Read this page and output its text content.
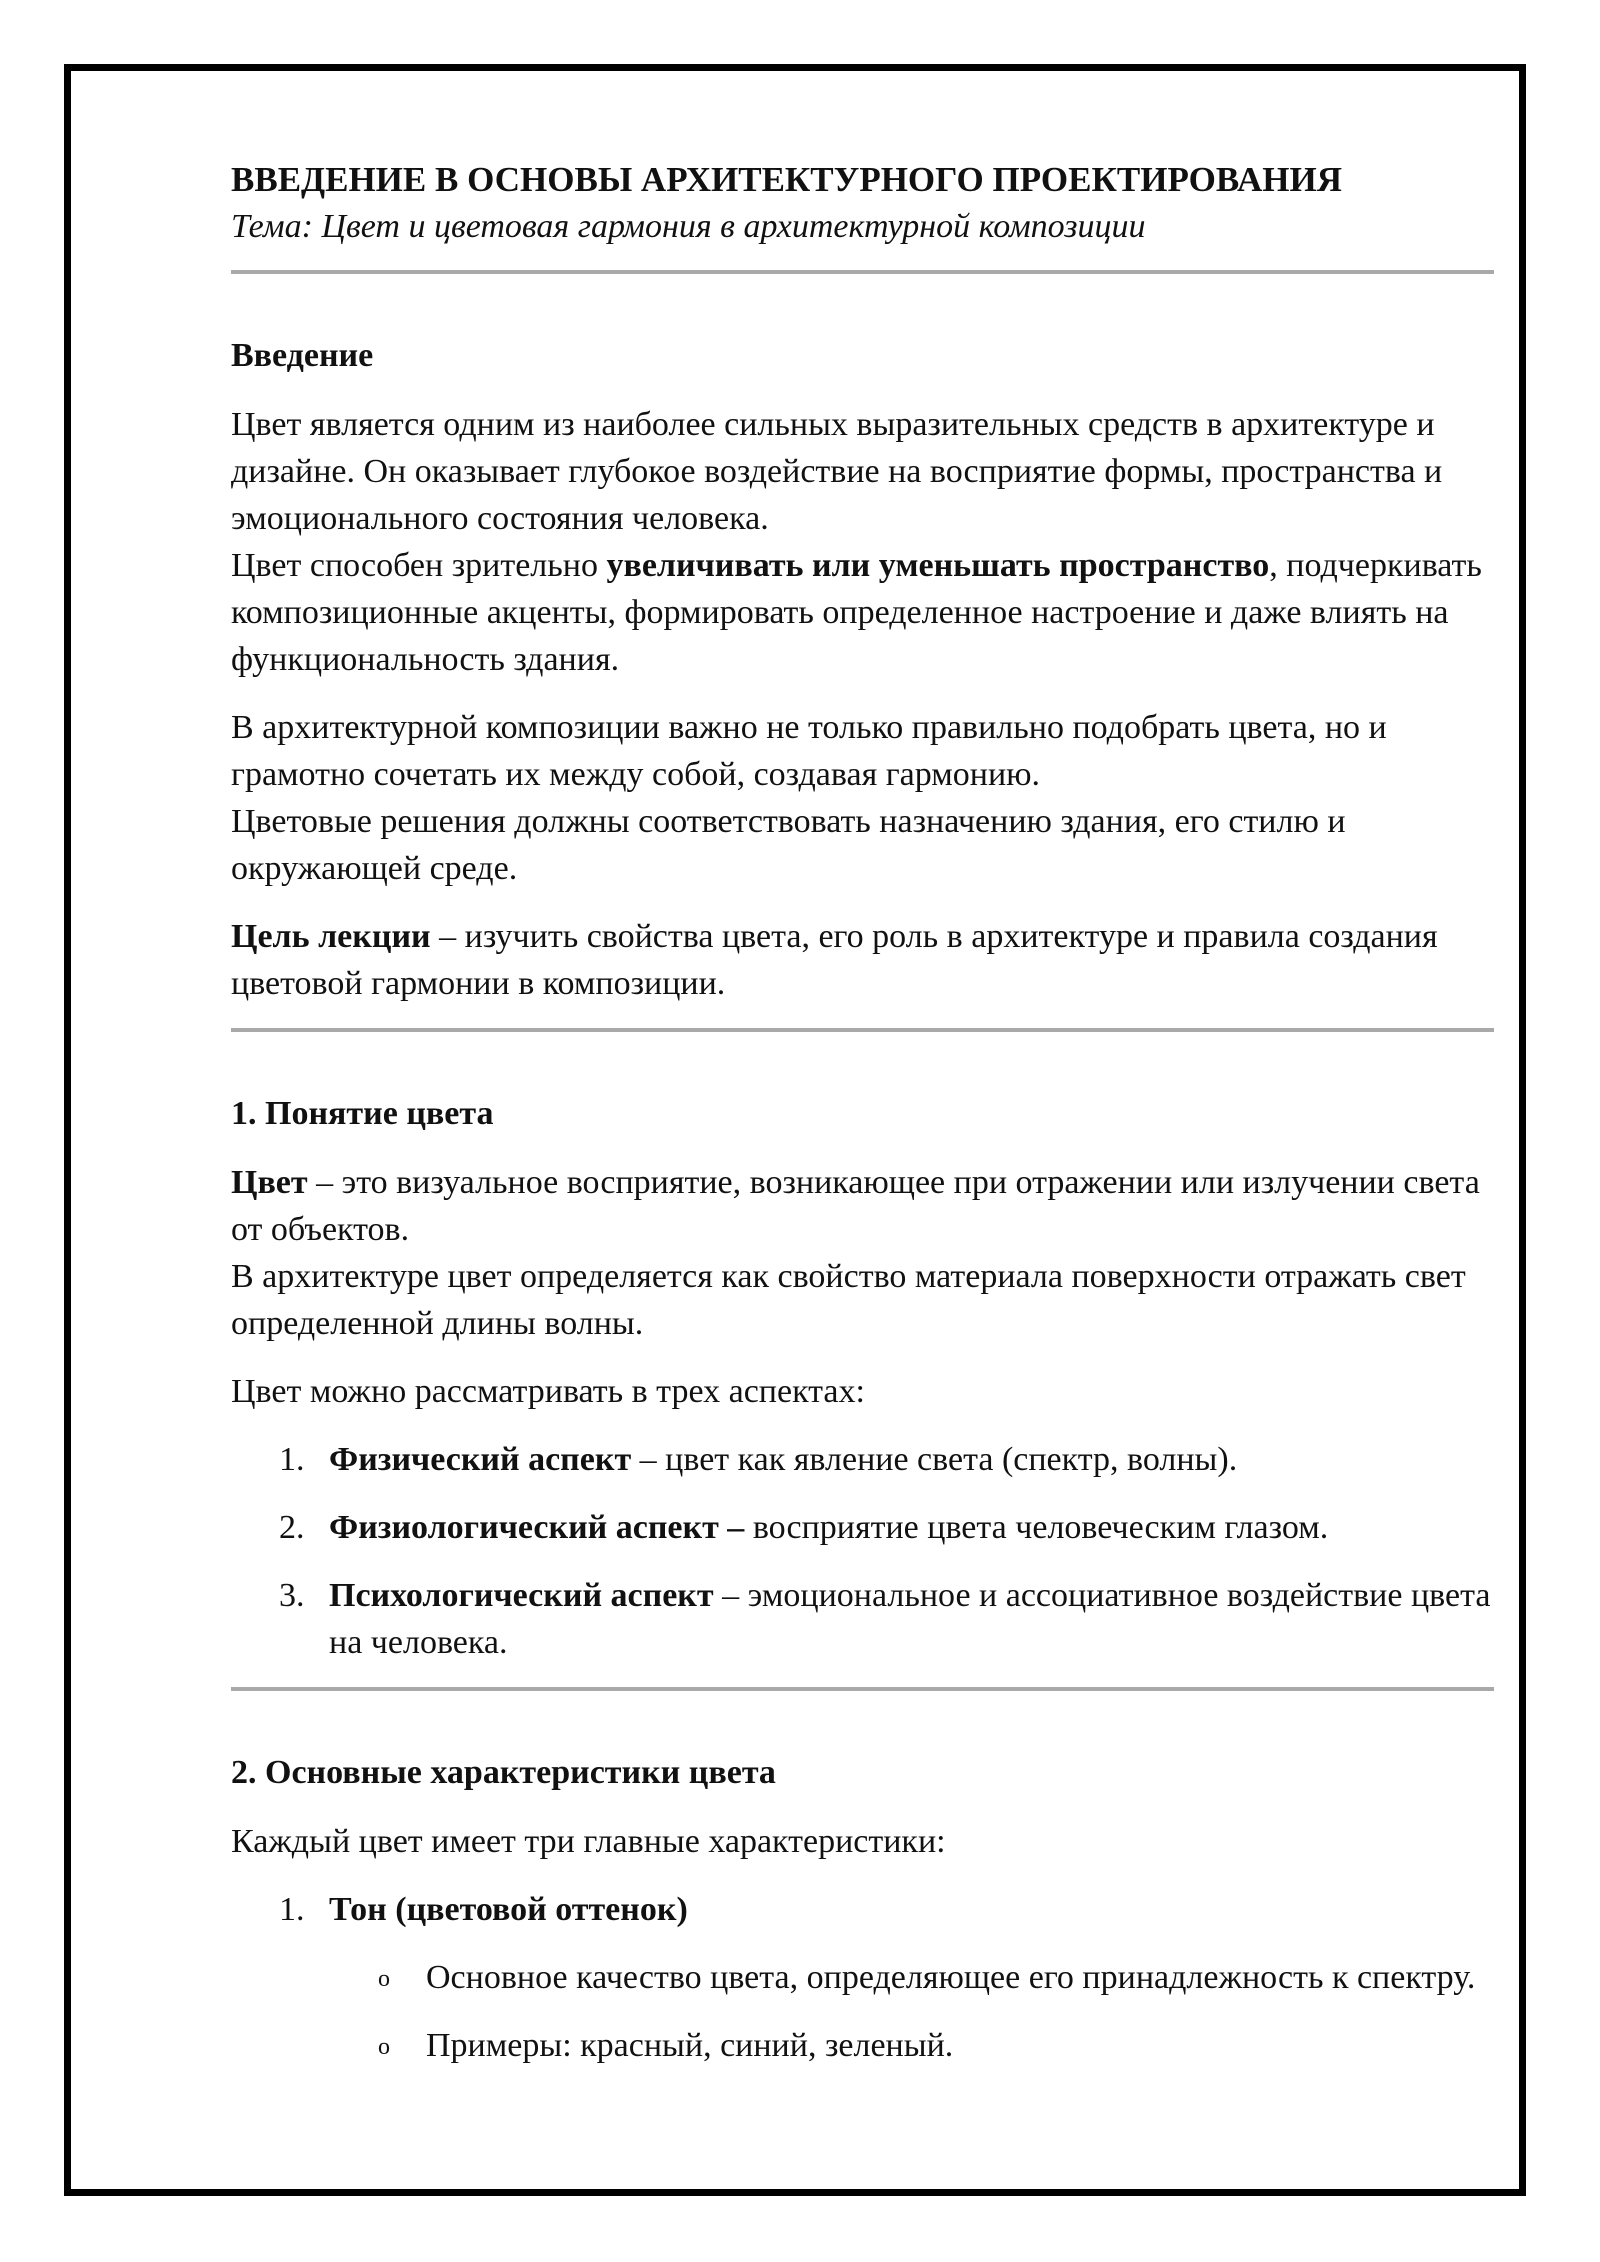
ВВЕДЕНИЕ В ОСНОВЫ АРХИТЕКТУРНОГО ПРОЕКТИРОВАНИЯ
Тема: Цвет и цветовая гармония в архитектурной композиции
Введение

Цвет является одним из наиболее сильных выразительных средств в архитектуре и дизайне. Он оказывает глубокое воздействие на восприятие формы, пространства и эмоционального состояния человека.

Цвет способен зрительно увеличивать или уменьшать пространство, подчеркивать композиционные акценты, формировать определенное настроение и даже влиять на функциональность здания.

В архитектурной композиции важно не только правильно подобрать цвета, но и грамотно сочетать их между собой, создавая гармонию.

Цветовые решения должны соответствовать назначению здания, его стилю и окружающей среде.

Цель лекции – изучить свойства цвета, его роль в архитектуре и правила создания цветовой гармонии в композиции.

1. Понятие цвета

Цвет – это визуальное восприятие, возникающее при отражении или излучении света от объектов.

В архитектуре цвет определяется как свойство материала поверхности отражать свет определенной длины волны.

Цвет можно рассматривать в трех аспектах:

1. Физический аспект – цвет как явление света (спектр, волны).
2. Физиологический аспект – восприятие цвета человеческим глазом.
3. Психологический аспект – эмоциональное и ассоциативное воздействие цвета на человека.
2. Основные характеристики цвета

Каждый цвет имеет три главные характеристики:

1. Тон (цветовой оттенок)
o Основное качество цвета, определяющее его принадлежность к спектру.
o Примеры: красный, синий, зеленый.
